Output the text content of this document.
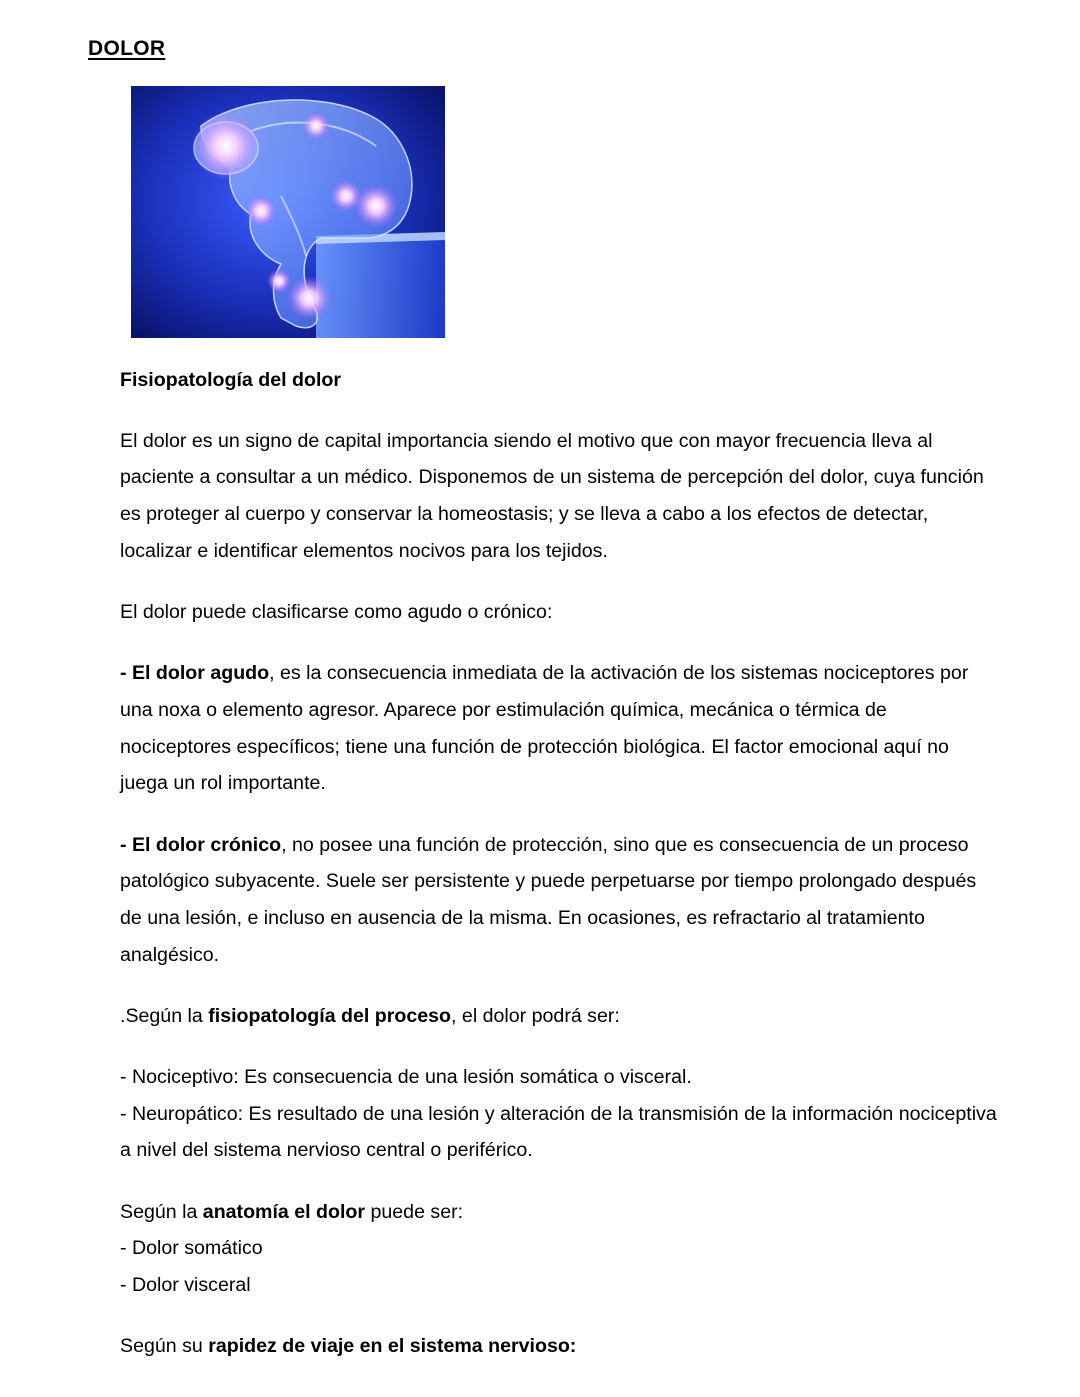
DOLOR

Fisiopatología del dolor

El dolor es un signo de capital importancia siendo el motivo que con mayor frecuencia lleva al paciente a consultar a un médico. Disponemos de un sistema de percepción del dolor, cuya función es proteger al cuerpo y conservar la homeostasis; y se lleva a cabo a los efectos de detectar, localizar e identificar elementos nocivos para los tejidos.

El dolor puede clasificarse como agudo o crónico:

- El dolor agudo, es la consecuencia inmediata de la activación de los sistemas nociceptores por una noxa o elemento agresor. Aparece por estimulación química, mecánica o térmica de nociceptores específicos; tiene una función de protección biológica. El factor emocional aquí no juega un rol importante.

- El dolor crónico, no posee una función de protección, sino que es consecuencia de un proceso patológico subyacente. Suele ser persistente y puede perpetuarse por tiempo prolongado después de una lesión, e incluso en ausencia de la misma. En ocasiones, es refractario al tratamiento analgésico.

.Según la fisiopatología del proceso, el dolor podrá ser:

- Nociceptivo: Es consecuencia de una lesión somática o visceral.

- Neuropático: Es resultado de una lesión y alteración de la transmisión de la información nociceptiva a nivel del sistema nervioso central o periférico.

Según la anatomía el dolor puede ser:

- Dolor somático

- Dolor visceral

Según su rapidez de viaje en el sistema nervioso:
